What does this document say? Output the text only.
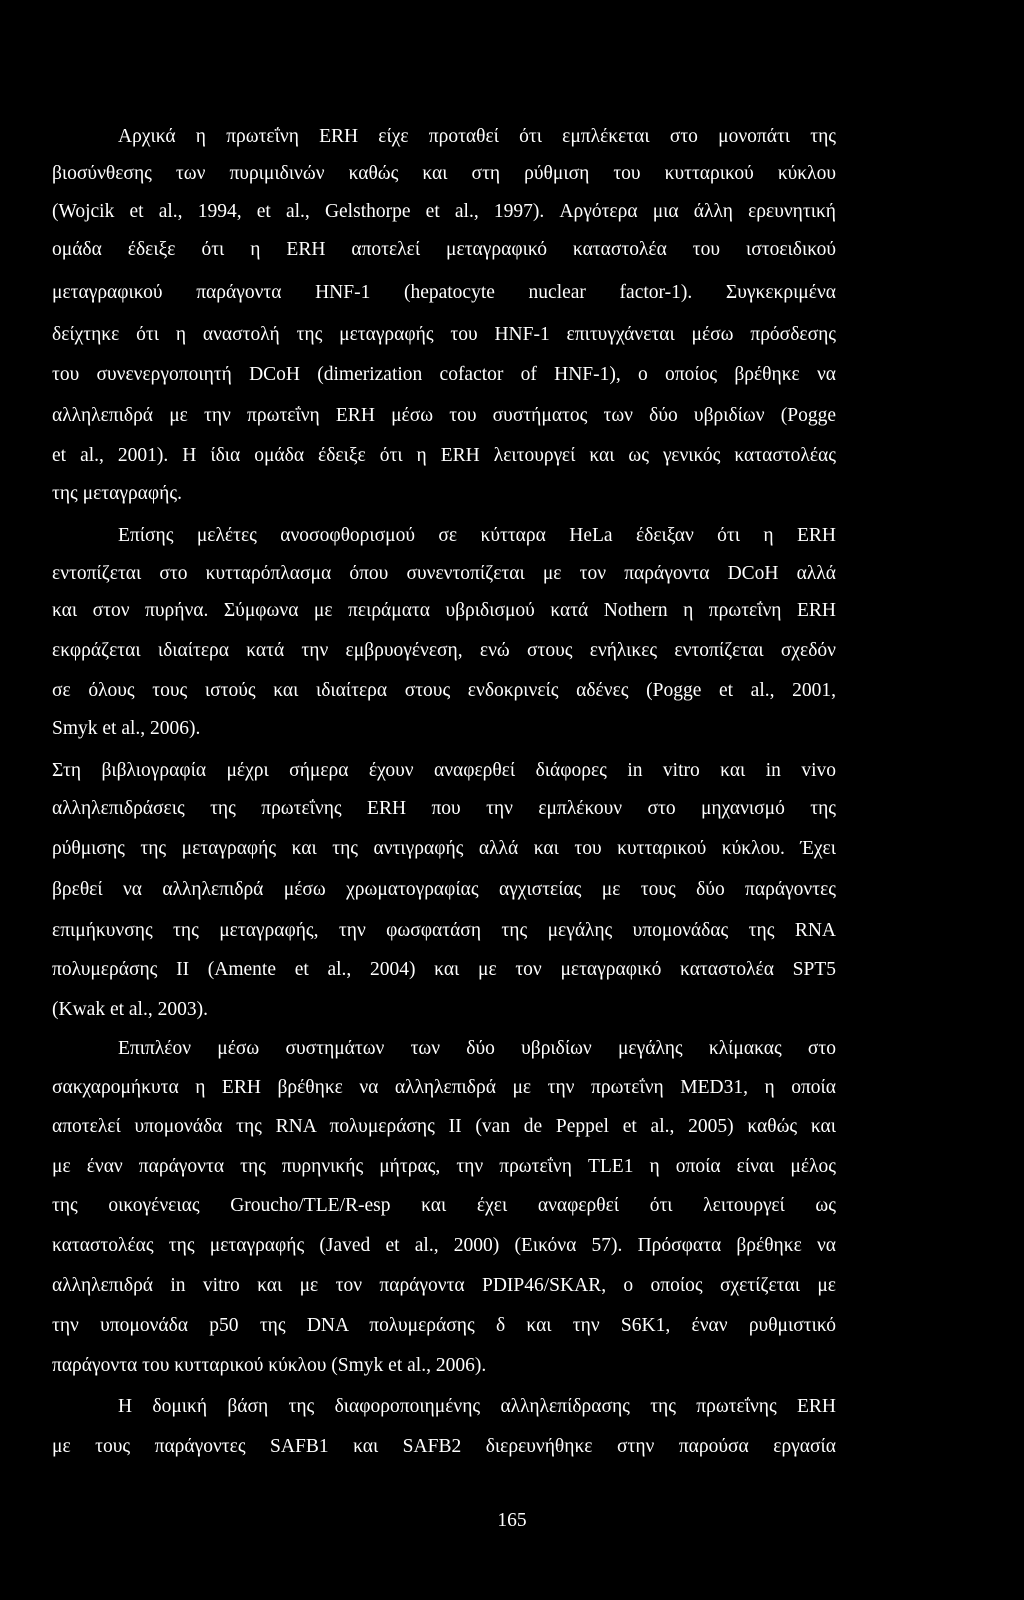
Αρχικά η πρωτεΐνη ERH είχε προταθεί ότι εμπλέκεται στο μονοπάτι της
βιοσύνθεσης των πυριμιδινών καθώς και στη ρύθμιση του κυτταρικού κύκλου
(Wojcik et al., 1994, et al., Gelsthorpe et al., 1997). Αργότερα μια άλλη ερευνητική
ομάδα έδειξε ότι η ERH αποτελεί μεταγραφικό καταστολέα του ιστοειδικού
μεταγραφικού παράγοντα HNF-1 (hepatocyte nuclear factor-1). Συγκεκριμένα
δείχτηκε ότι η αναστολή της μεταγραφής του HNF-1 επιτυγχάνεται μέσω πρόσδεσης
του συνενεργοποιητή DCoH (dimerization cofactor of HNF-1), ο οποίος βρέθηκε να
αλληλεπιδρά με την πρωτεΐνη ERH μέσω του συστήματος των δύο υβριδίων (Pogge
et al., 2001). Η ίδια ομάδα έδειξε ότι η ERH λειτουργεί και ως γενικός καταστολέας
της μεταγραφής.
Επίσης μελέτες ανοσοφθορισμού σε κύτταρα HeLa έδειξαν ότι η ERH
εντοπίζεται στο κυτταρόπλασμα όπου συνεντοπίζεται με τον παράγοντα DCoH αλλά
και στον πυρήνα. Σύμφωνα με πειράματα υβριδισμού κατά Nothern η πρωτεΐνη ERH
εκφράζεται ιδιαίτερα κατά την εμβρυογένεση, ενώ στους ενήλικες εντοπίζεται σχεδόν
σε όλους τους ιστούς και ιδιαίτερα στους ενδοκρινείς αδένες (Pogge et al., 2001,
Smyk et al., 2006).
Στη βιβλιογραφία μέχρι σήμερα έχουν αναφερθεί διάφορες in vitro και in vivo
αλληλεπιδράσεις της πρωτεΐνης ERH που την εμπλέκουν στο μηχανισμό της
ρύθμισης της μεταγραφής και της αντιγραφής αλλά και του κυτταρικού κύκλου. Έχει
βρεθεί να αλληλεπιδρά μέσω χρωματογραφίας αγχιστείας με τους δύο παράγοντες
επιμήκυνσης της μεταγραφής, την φωσφατάση της μεγάλης υπομονάδας της RNA
πολυμεράσης II (Amente et al., 2004) και με τον μεταγραφικό καταστολέα SPT5
(Kwak et al., 2003).
Επιπλέον μέσω συστημάτων των δύο υβριδίων μεγάλης κλίμακας στο
σακχαρομήκυτα η ERH βρέθηκε να αλληλεπιδρά με την πρωτεΐνη MED31, η οποία
αποτελεί υπομονάδα της RNA πολυμεράσης II (van de Peppel et al., 2005) καθώς και
με έναν παράγοντα της πυρηνικής μήτρας, την πρωτεΐνη TLE1 η οποία είναι μέλος
της οικογένειας Groucho/TLE/R-esp και έχει αναφερθεί ότι λειτουργεί ως
καταστολέας της μεταγραφής (Javed et al., 2000) (Εικόνα 57). Πρόσφατα βρέθηκε να
αλληλεπιδρά in vitro και με τον παράγοντα PDIP46/SKAR, ο οποίος σχετίζεται με
την υπομονάδα p50 της DNA πολυμεράσης δ και την S6K1, έναν ρυθμιστικό
παράγοντα του κυτταρικού κύκλου (Smyk et al., 2006).
Η δομική βάση της διαφοροποιημένης αλληλεπίδρασης της πρωτεΐνης ERH
με τους παράγοντες SAFB1 και SAFB2 διερευνήθηκε στην παρούσα εργασία
165
